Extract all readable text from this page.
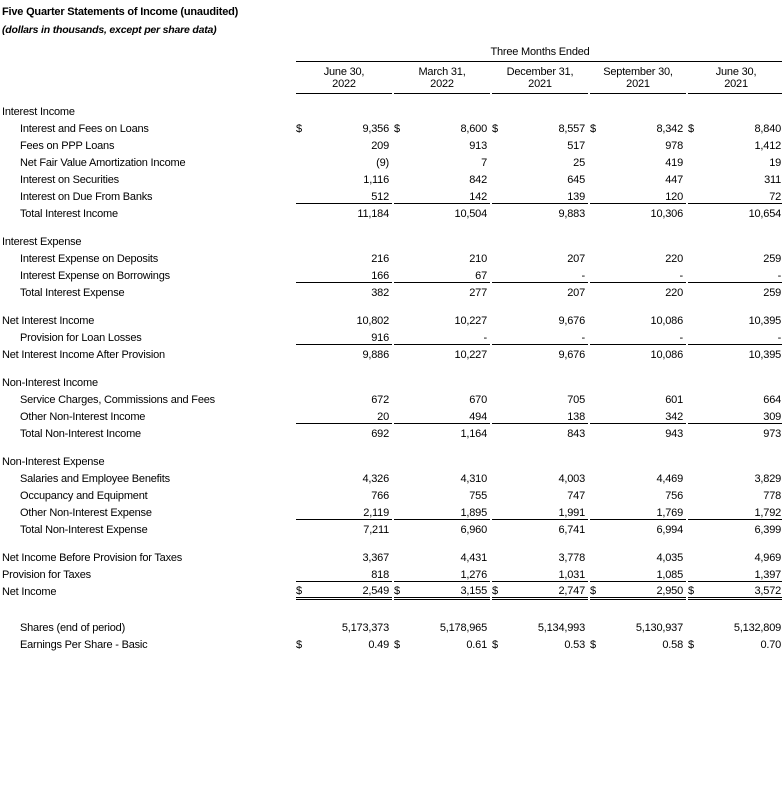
Five Quarter Statements of Income (unaudited)
(dollars in thousands, except per share data)
	Three Months Ended													
	June 30,			March 31,			December 31,			September 30,			June 30,	
	2022			2022			2021			2021			2021	

Interest Income														
Interest and Fees on Loans	$	9,356		$	8,600		$	8,557		$	8,342		$	8,840
Fees on PPP Loans		209			913			517			978			1,412
Net Fair Value Amortization Income		(9)			7			25			419			19
Interest on Securities		1,116			842			645			447			311
Interest on Due From Banks		512			142			139			120			72
Total Interest Income		11,184			10,504			9,883			10,306			10,654

Interest Expense														
Interest Expense on Deposits		216			210			207			220			259
Interest Expense on Borrowings		166			67			-			-			-
Total Interest Expense		382			277			207			220			259

Net Interest Income		10,802			10,227			9,676			10,086			10,395
Provision for Loan Losses		916			-			-			-			-
Net Interest Income After Provision		9,886			10,227			9,676			10,086			10,395

Non-Interest Income														
Service Charges, Commissions and Fees		672			670			705			601			664
Other Non-Interest Income		20			494			138			342			309
Total Non-Interest Income		692			1,164			843			943			973

Non-Interest Expense														
Salaries and Employee Benefits		4,326			4,310			4,003			4,469			3,829
Occupancy and Equipment		766			755			747			756			778
Other Non-Interest Expense		2,119			1,895			1,991			1,769			1,792
Total Non-Interest Expense		7,211			6,960			6,741			6,994			6,399

Net Income Before Provision for Taxes		3,367			4,431			3,778			4,035			4,969
Provision for Taxes		818			1,276			1,031			1,085			1,397
Net Income	$	2,549		$	3,155		$	2,747		$	2,950		$	3,572

Shares (end of period)		5,173,373			5,178,965			5,134,993			5,130,937			5,132,809
Earnings Per Share - Basic	$	0.49		$	0.61		$	0.53		$	0.58		$	0.70
